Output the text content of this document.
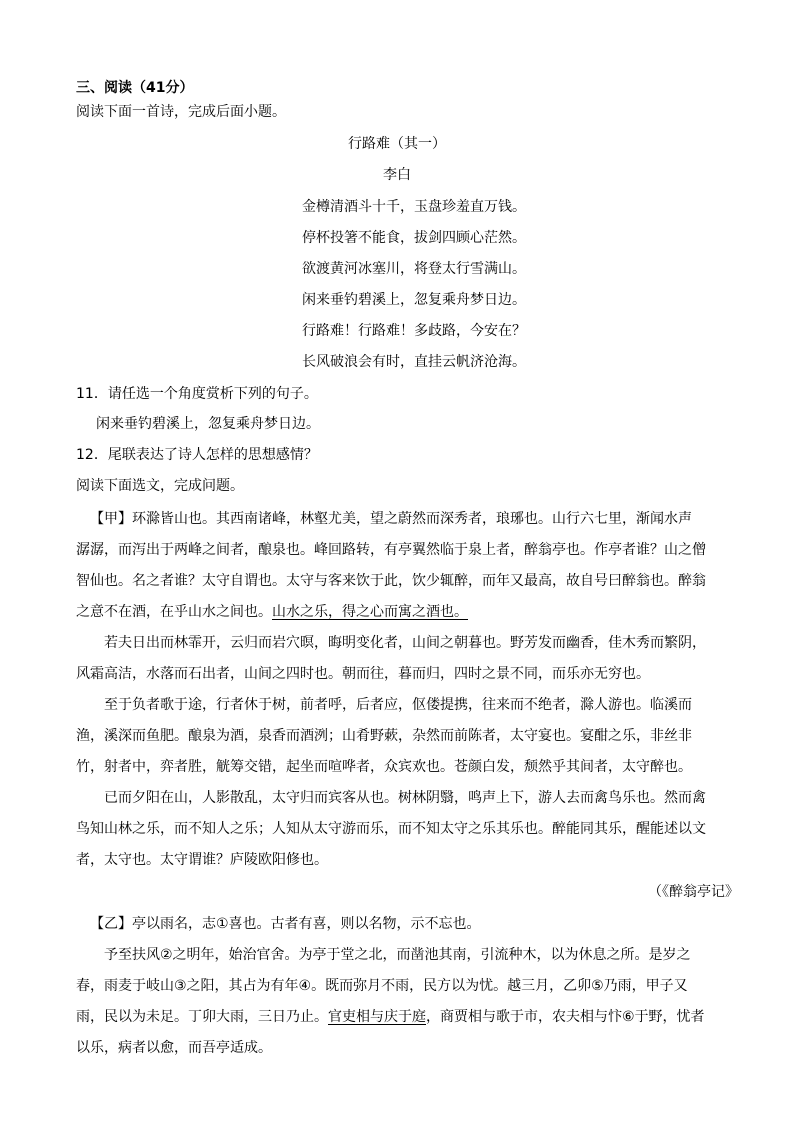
三、阅读（41分）
阅读下面一首诗，完成后面小题。
行路难（其一）
李白
金樽清酒斗十千，玉盘珍羞直万钱。
停杯投箸不能食，拔剑四顾心茫然。
欲渡黄河冰塞川，将登太行雪满山。
闲来垂钓碧溪上，忽复乘舟梦日边。
行路难！行路难！多歧路，今安在？
长风破浪会有时，直挂云帆济沧海。
11．请任选一个角度赏析下列的句子。
闲来垂钓碧溪上，忽复乘舟梦日边。
12．尾联表达了诗人怎样的思想感情？
阅读下面选文，完成问题。
【甲】环滁皆山也。其西南诸峰，林壑尤美，望之蔚然而深秀者，琅琊也。山行六七里，渐闻水声
潺潺，而泻出于两峰之间者，酿泉也。峰回路转，有亭翼然临于泉上者，醉翁亭也。作亭者谁？山之僧
智仙也。名之者谁？太守自谓也。太守与客来饮于此，饮少辄醉，而年又最高，故自号曰醉翁也。醉翁
之意不在酒，在乎山水之间也。山水之乐，得之心而寓之酒也。
若夫日出而林霏开，云归而岩穴暝，晦明变化者，山间之朝暮也。野芳发而幽香，佳木秀而繁阴，
风霜高洁，水落而石出者，山间之四时也。朝而往，暮而归，四时之景不同，而乐亦无穷也。
至于负者歌于途，行者休于树，前者呼，后者应，伛偻提携，往来而不绝者，滁人游也。临溪而
渔，溪深而鱼肥。酿泉为酒，泉香而酒洌；山肴野蔌，杂然而前陈者，太守宴也。宴酣之乐，非丝非
竹，射者中，弈者胜，觥筹交错，起坐而喧哗者，众宾欢也。苍颜白发，颓然乎其间者，太守醉也。
已而夕阳在山，人影散乱，太守归而宾客从也。树林阴翳，鸣声上下，游人去而禽鸟乐也。然而禽
鸟知山林之乐，而不知人之乐；人知从太守游而乐，而不知太守之乐其乐也。醉能同其乐，醒能述以文
者，太守也。太守谓谁？庐陵欧阳修也。
（《醉翁亭记》
【乙】亭以雨名，志①喜也。古者有喜，则以名物，示不忘也。
予至扶风②之明年，始治官舍。为亭于堂之北，而凿池其南，引流种木，以为休息之所。是岁之
春，雨麦于岐山③之阳，其占为有年④。既而弥月不雨，民方以为忧。越三月，乙卯⑤乃雨，甲子又
雨，民以为未足。丁卯大雨，三日乃止。官吏相与庆于庭，商贾相与歌于市，农夫相与忭⑥于野，忧者
以乐，病者以愈，而吾亭适成。
